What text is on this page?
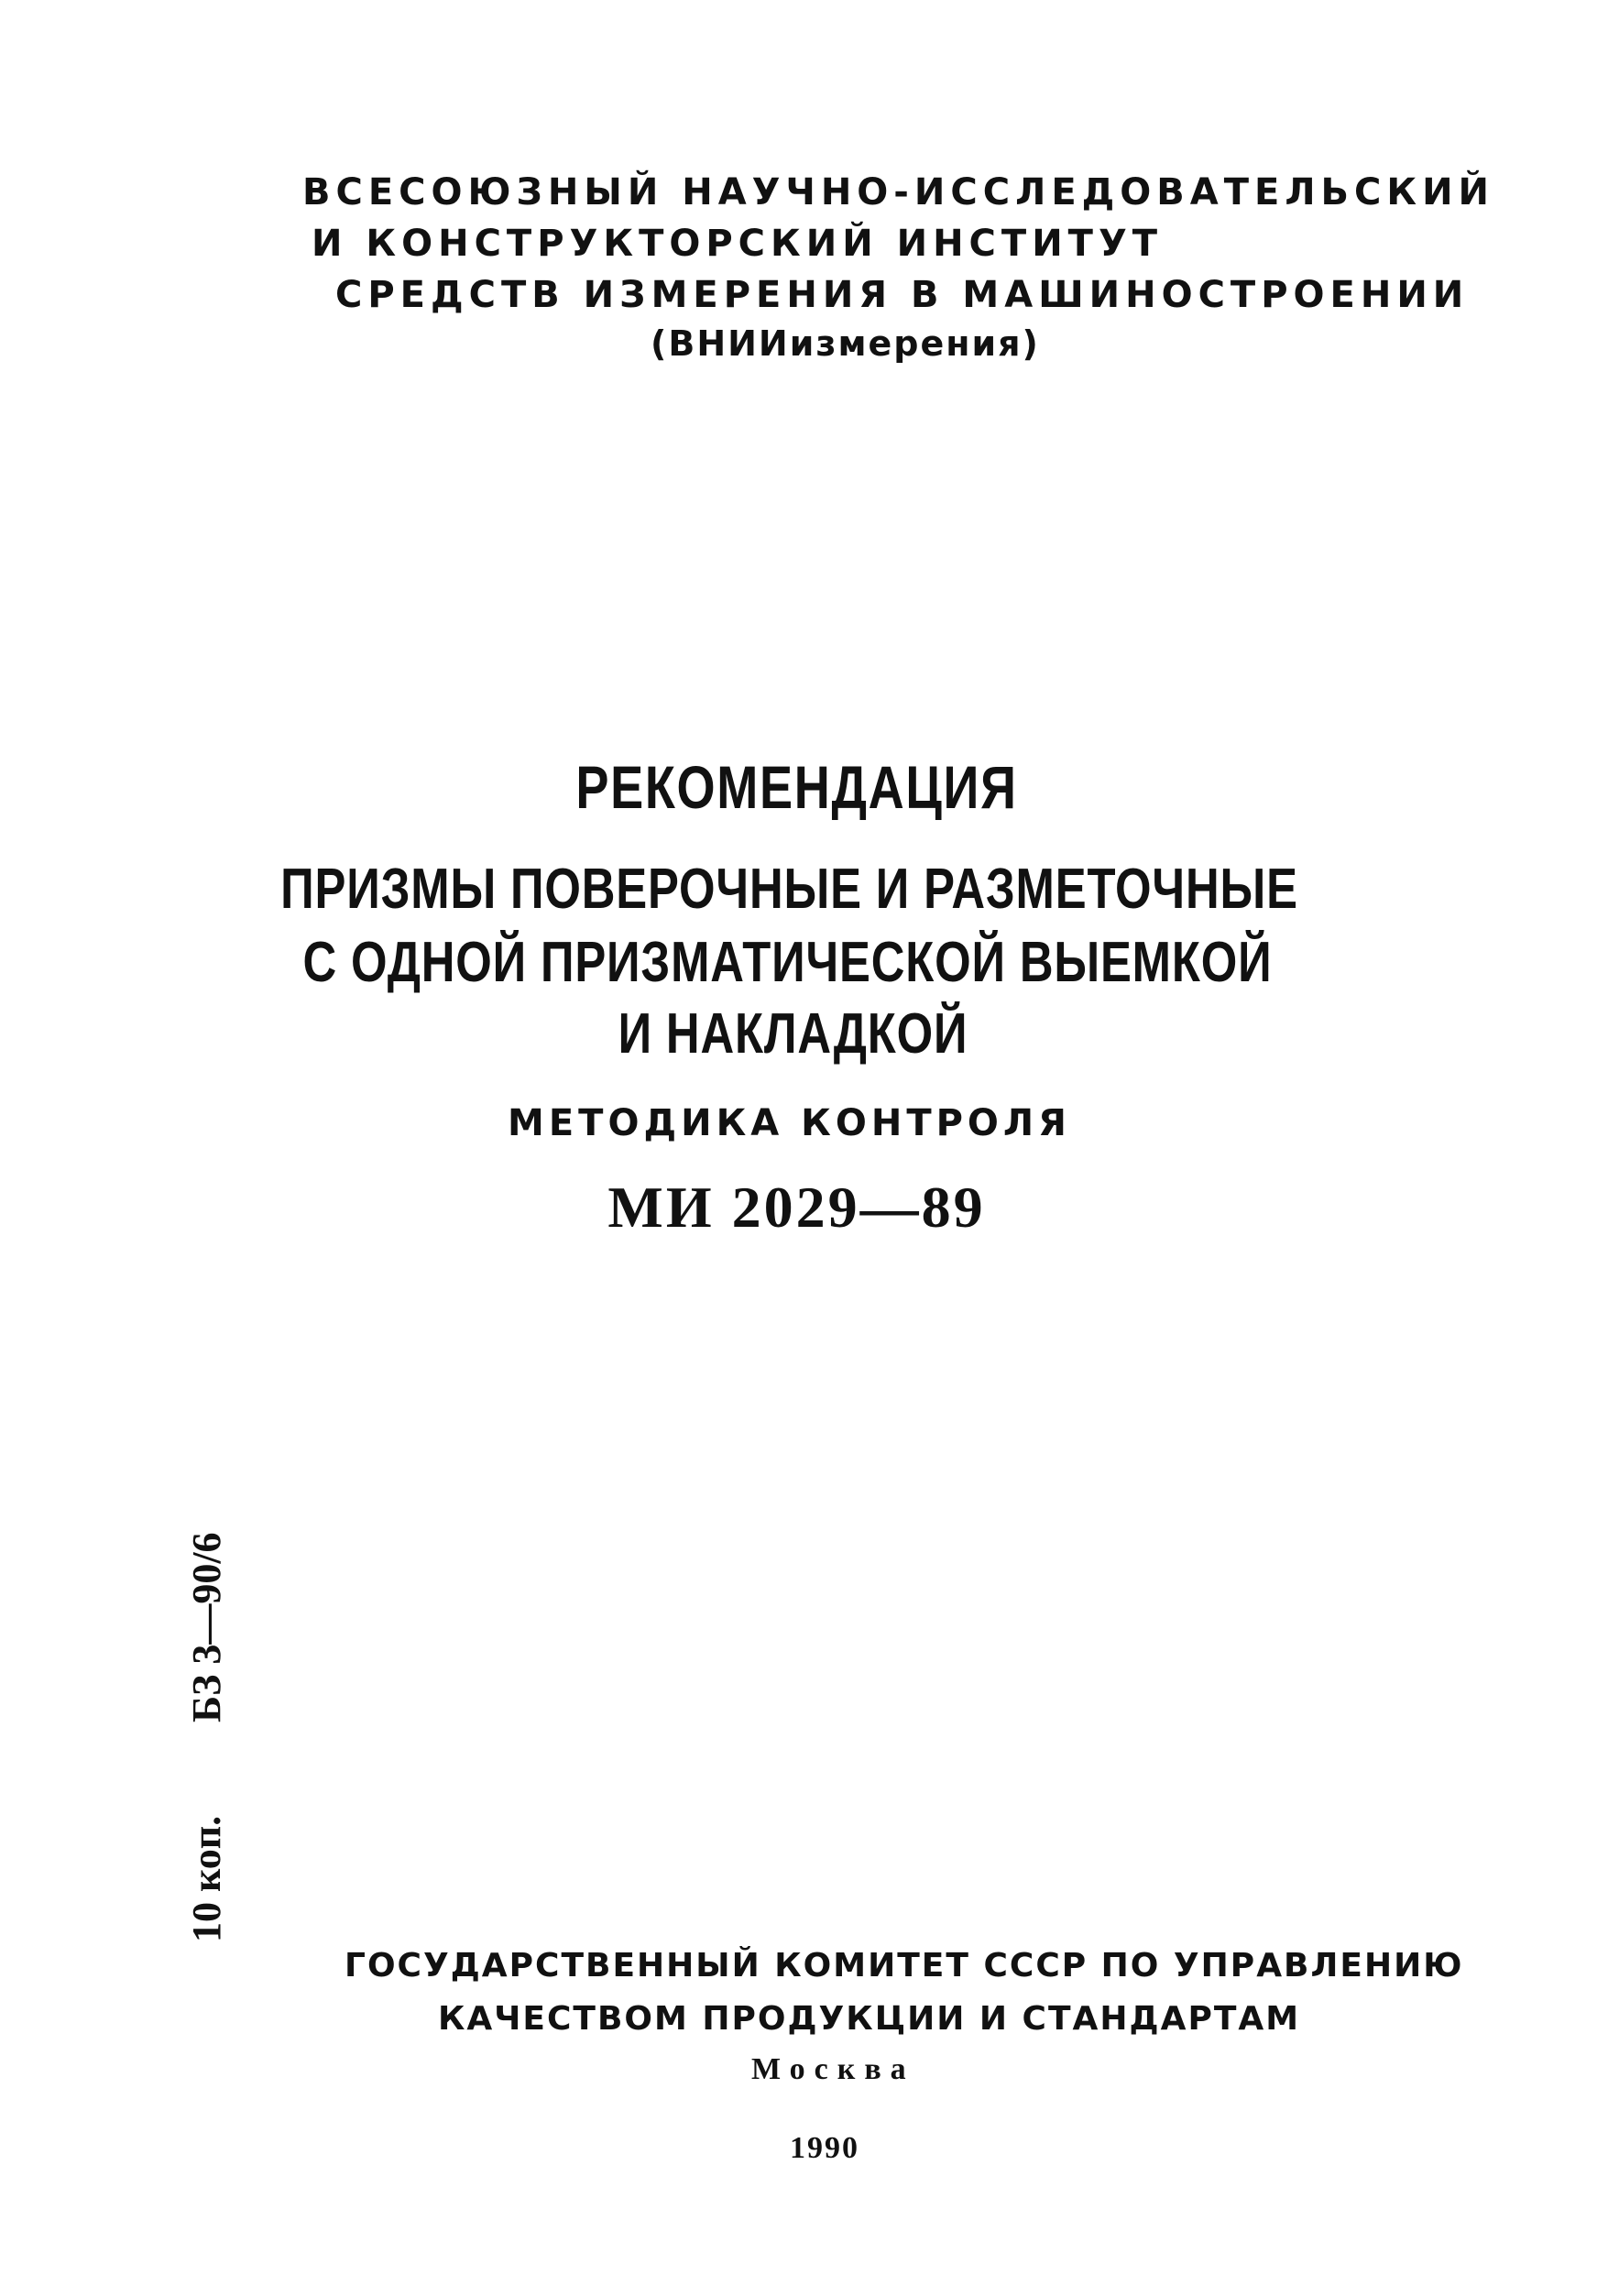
ВСЕСОЮЗНЫЙ НАУЧНО-ИССЛЕДОВАТЕЛЬСКИЙ
И КОНСТРУКТОРСКИЙ ИНСТИТУТ
СРЕДСТВ ИЗМЕРЕНИЯ В МАШИНОСТРОЕНИИ
(ВНИИизмерения)
РЕКОМЕНДАЦИЯ
ПРИЗМЫ ПОВЕРОЧНЫЕ И РАЗМЕТОЧНЫЕ
С ОДНОЙ ПРИЗМАТИЧЕСКОЙ ВЫЕМКОЙ
И НАКЛАДКОЙ
МЕТОДИКА КОНТРОЛЯ
МИ 2029—89
10 коп.
БЗ 3—90/6
ГОСУДАРСТВЕННЫЙ КОМИТЕТ СССР ПО УПРАВЛЕНИЮ
КАЧЕСТВОМ ПРОДУКЦИИ И СТАНДАРТАМ
Москва
1990
